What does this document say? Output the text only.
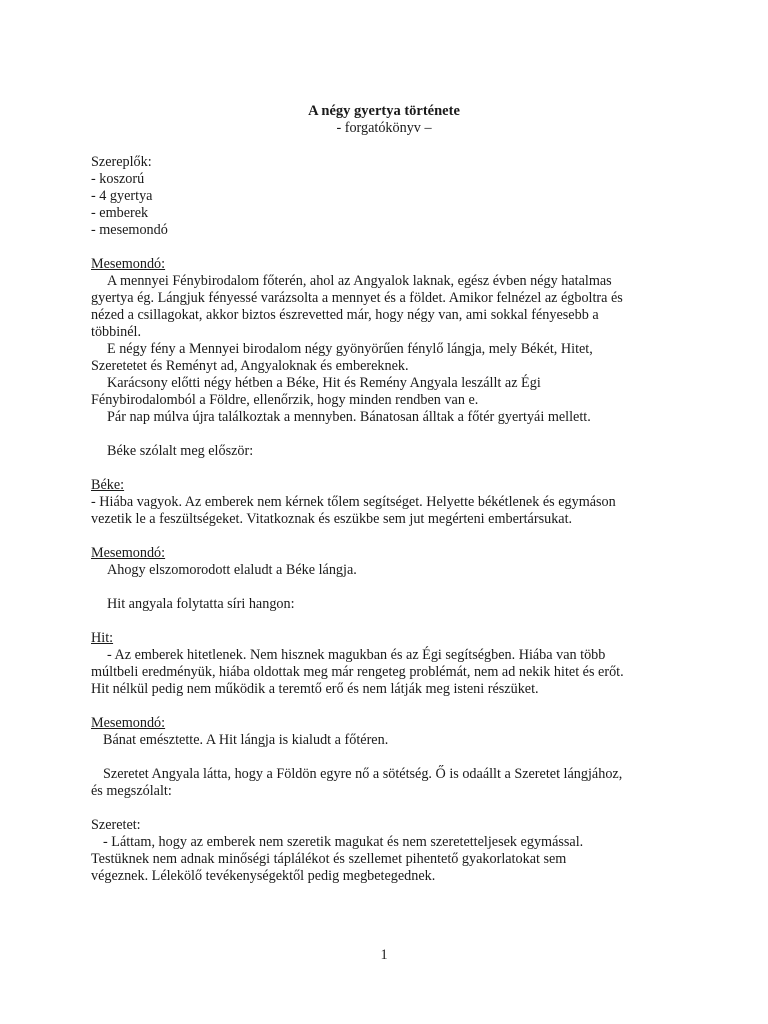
A négy gyertya története
- forgatókönyv –

Szereplők:

- koszorú

- 4 gyertya

- emberek

- mesemondó

Mesemondó:

A mennyei Fénybirodalom főterén, ahol az Angyalok laknak, egész évben négy hatalmas

gyertya ég. Lángjuk fényessé varázsolta a mennyet és a földet. Amikor felnézel az égboltra és

nézed a csillagokat, akkor biztos észrevetted már, hogy négy van, ami sokkal fényesebb a

többinél.

E négy fény a Mennyei birodalom négy gyönyörűen fénylő lángja, mely Békét, Hitet,

Szeretetet és Reményt ad, Angyaloknak és embereknek.

Karácsony előtti négy hétben a Béke, Hit és Remény Angyala leszállt az Égi

Fénybirodalomból a Földre, ellenőrzik, hogy minden rendben van e.

Pár nap múlva újra találkoztak a mennyben. Bánatosan álltak a főtér gyertyái mellett.

Béke szólalt meg először:

Béke:

- Hiába vagyok. Az emberek nem kérnek tőlem segítséget. Helyette békétlenek és egymáson

vezetik le a feszültségeket. Vitatkoznak és eszükbe sem jut megérteni embertársukat.

Mesemondó:

Ahogy elszomorodott elaludt a Béke lángja.

Hit angyala folytatta síri hangon:

Hit:

- Az emberek hitetlenek. Nem hisznek magukban és az Égi segítségben. Hiába van több

múltbeli eredményük, hiába oldottak meg már rengeteg problémát, nem ad nekik hitet és erőt.

Hit nélkül pedig nem működik a teremtő erő és nem látják meg isteni részüket.

Mesemondó:

Bánat emésztette. A Hit lángja is kialudt a főtéren.

Szeretet Angyala látta, hogy a Földön egyre nő a sötétség. Ő is odaállt a Szeretet lángjához,

és megszólalt:

Szeretet:

- Láttam, hogy az emberek nem szeretik magukat és nem szeretetteljesek egymással.

Testüknek nem adnak minőségi táplálékot és szellemet pihentető gyakorlatokat sem

végeznek. Lélekölő tevékenységektől pedig megbetegednek.

1
